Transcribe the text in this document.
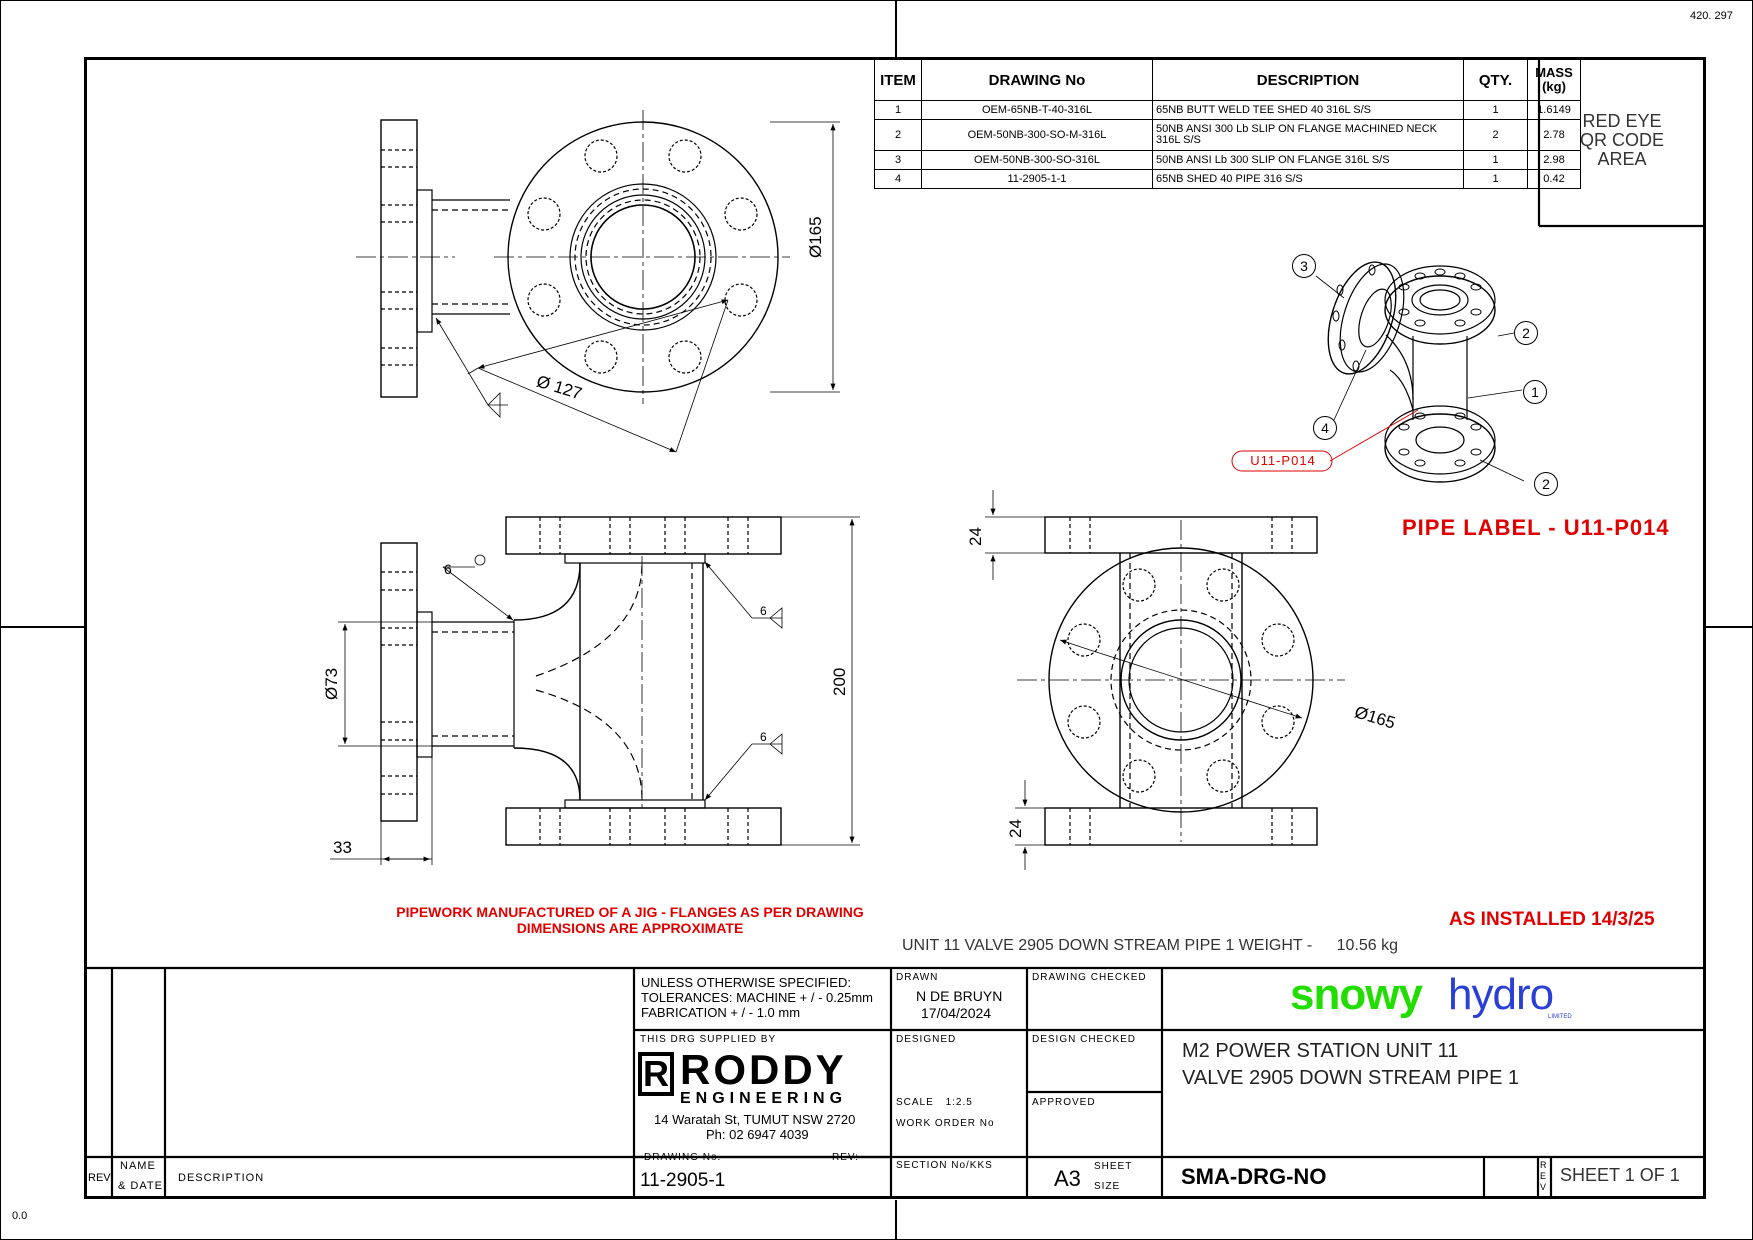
420. 297
0.0
ITEM	DRAWING No	DESCRIPTION	QTY.	MASS (kg)
1	OEM-65NB-T-40-316L	65NB BUTT WELD TEE SHED 40 316L S/S	1	1.6149
2	OEM-50NB-300-SO-M-316L	50NB ANSI 300 Lb SLIP ON FLANGE MACHINED NECK 316L S/S	2	2.78
3	OEM-50NB-300-SO-316L	50NB ANSI Lb 300 SLIP ON FLANGE 316L S/S	1	2.98
4	11-2905-1-1	65NB SHED 40 PIPE 316 S/S	1	0.42
RED EYE
QR CODE
AREA
Ø165
Ø 127
Ø73	200
33
24
24
Ø165
6
6
6
3
2
1
4
2
U11-P014
PIPE LABEL - U11-P014
PIPEWORK MANUFACTURED OF A JIG - FLANGES AS PER DRAWING
DIMENSIONS ARE APPROXIMATE	AS INSTALLED 14/3/25
UNIT 11 VALVE 2905 DOWN STREAM PIPE 1 WEIGHT - 10.56 kg
UNLESS OTHERWISE SPECIFIED:
TOLERANCES: MACHINE + / - 0.25mm
FABRICATION + / - 1.0 mm
DRAWN
N DE BRUYN
17/04/2024
DRAWING CHECKED
DESIGNED	DESIGN CHECKED
SCALE 1:2.5
WORK ORDER No
APPROVED
SECTION No/KKS
A3 SHEET
SIZE
THIS DRG SUPPLIED BY
R RODDY
ENGINEERING
14 Waratah St, TUMUT NSW 2720
Ph: 02 6947 4039
DRAWING No.	REV:
11-2905-1
REV
NAME
& DATE
DESCRIPTION
snowy hydro
LIMITED
M2 POWER STATION UNIT 11
VALVE 2905 DOWN STREAM PIPE 1
SMA-DRG-NO	REV
SHEET 1 OF 1
